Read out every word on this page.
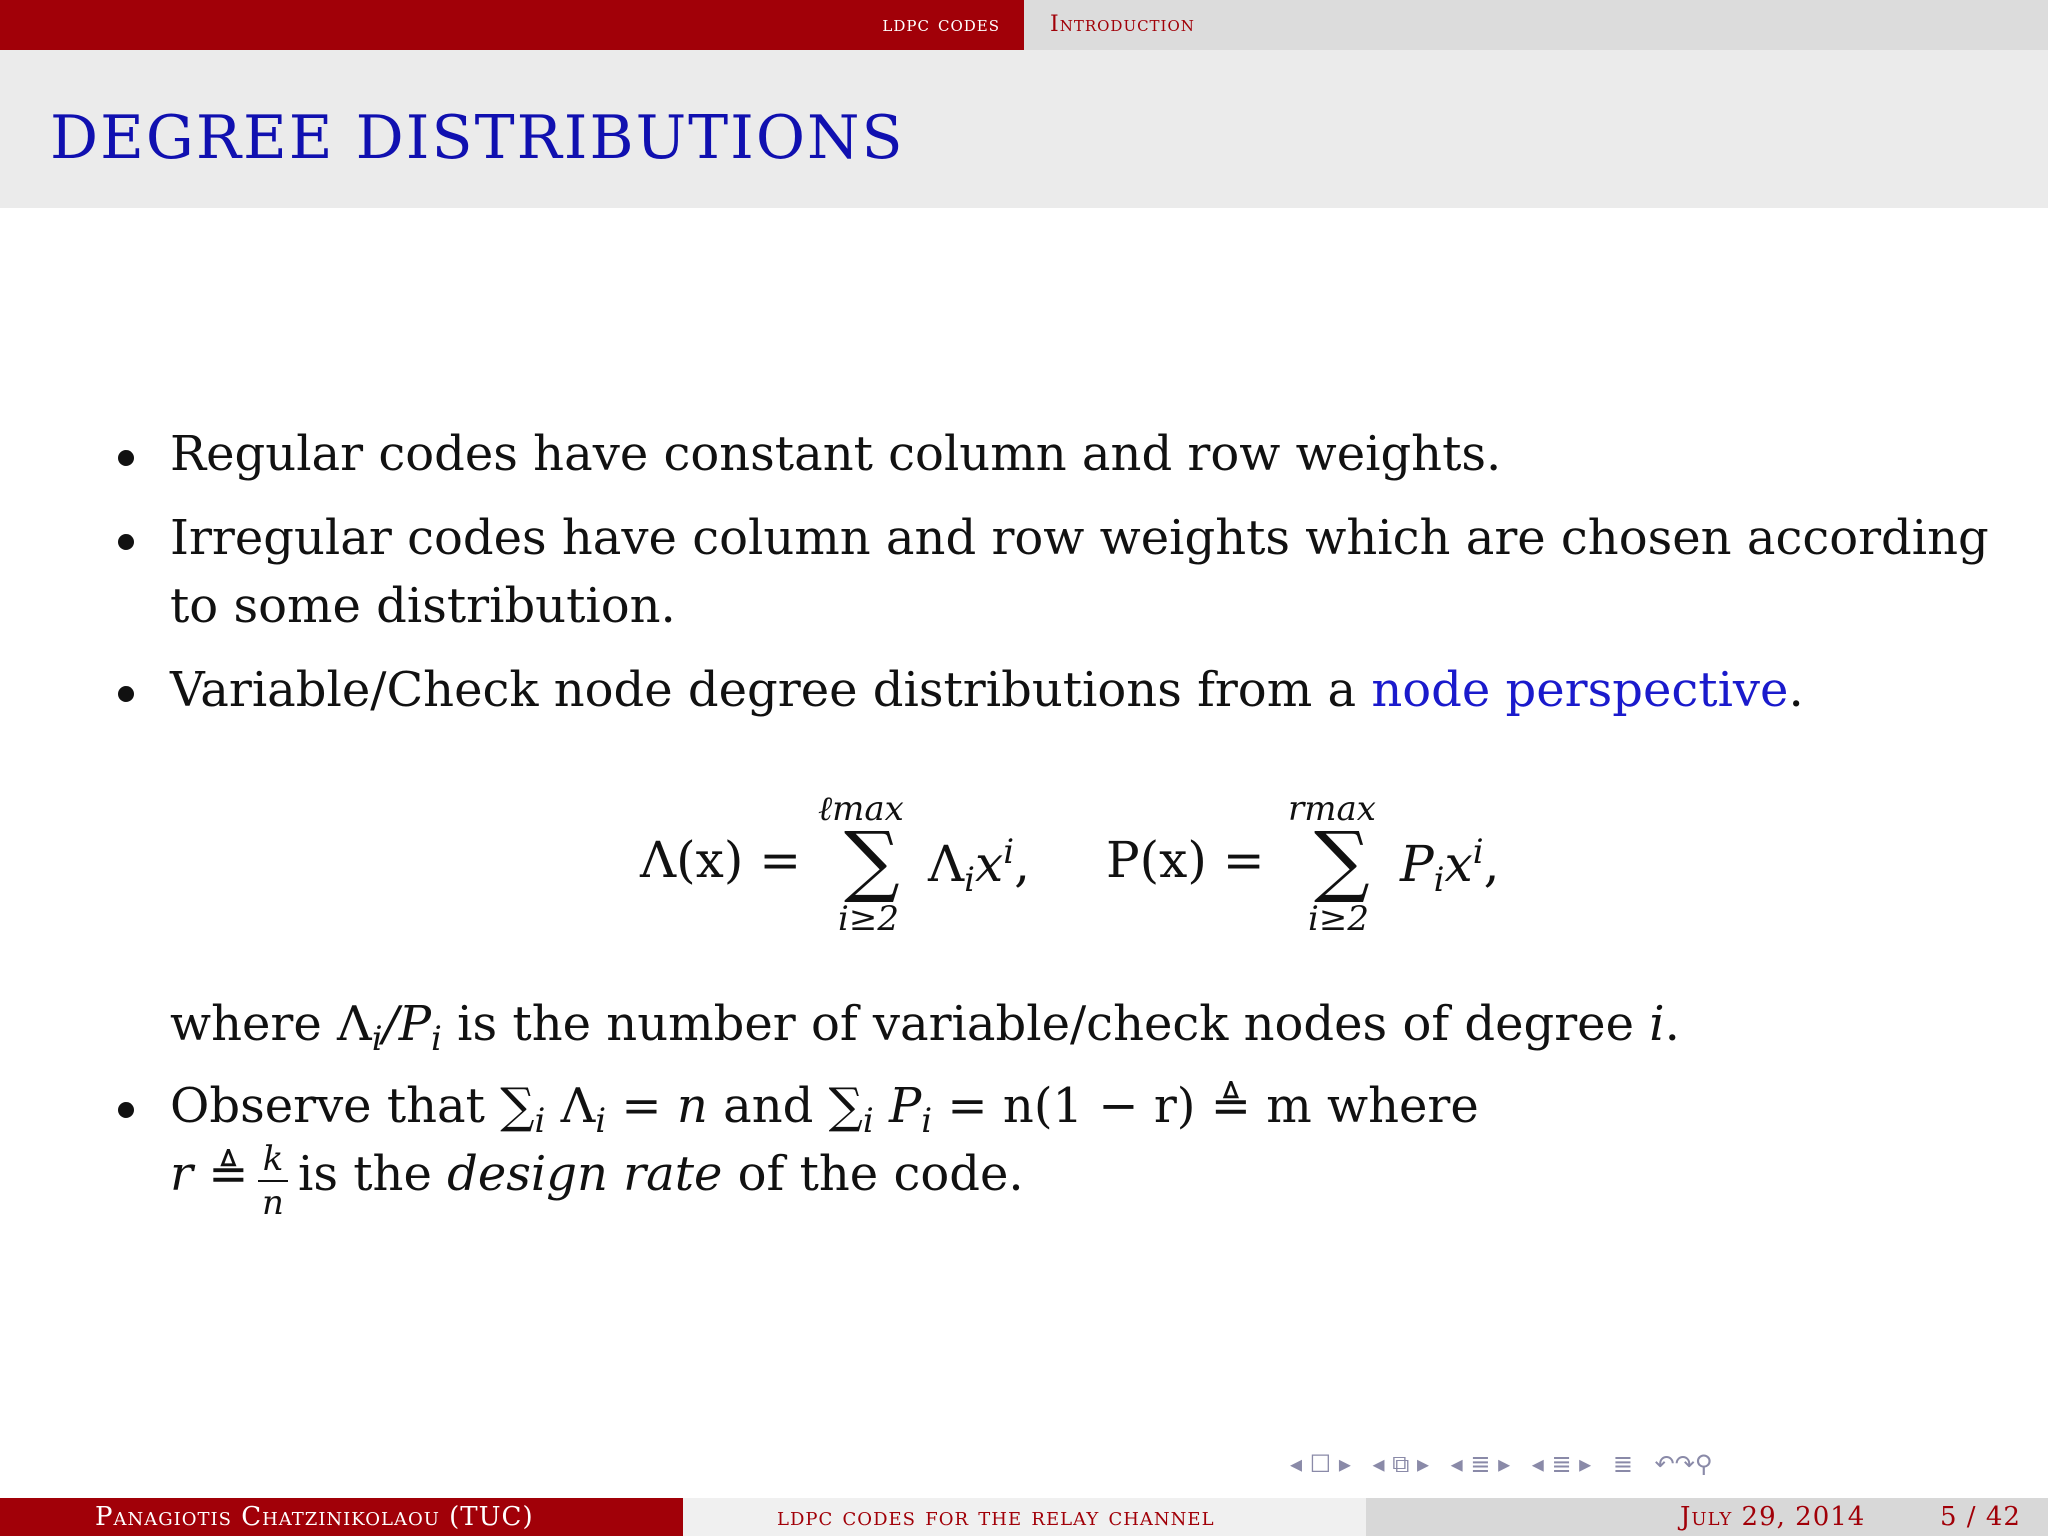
ldpc codes	Introduction
DEGREE DISTRIBUTIONS
Regular codes have constant column and row weights.
Irregular codes have column and row weights which are chosen according
to some distribution.
Variable/Check node degree distributions from a node perspective.
Λ(x) =
ℓmax
∑
i≥2
$\Lambda_ix^i$, P(x) =
rmax
∑
i≥2
$P_ix^i$,
where $\Lambda_i/P_i$ is the number of variable/check nodes of degree i.
Observe that $\sum_i$ $\Lambda_i = n$ and $\sum_i$ $P_i = n(1 - r)$ ≜ m where
r ≜ k
n
is the design rate of the code.
◂ ☐ ▸ ◂ ⧉ ▸ ◂ ≣ ▸ ◂ ≣ ▸ ≣ ↶↷⚲
Panagiotis Chatzinikolaou (TUC)	ldpc codes for the relay channel	July 29, 2014	5 / 42
